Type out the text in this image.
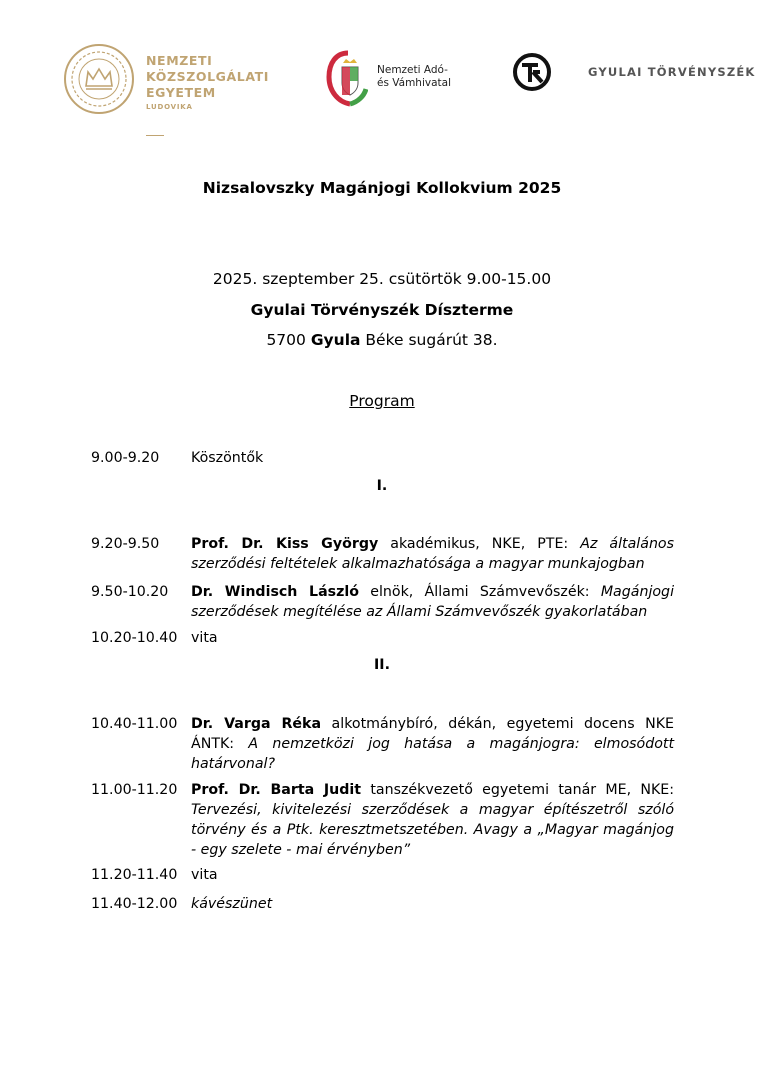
NEMZETI
KÖZSZOLGÁLATI
EGYETEM
LUDOVIKA
Nemzeti Adó-
és Vámhivatal
GYULAI TÖRVÉNYSZÉK
Nizsalovszky Magánjogi Kollokvium 2025
2025. szeptember 25. csütörtök 9.00-15.00
Gyulai Törvényszék Díszterme
5700 Gyula Béke sugárút 38.
Program
9.00-9.20	Köszöntők
I.
9.20-9.50	Prof. Dr. Kiss György akadémikus, NKE, PTE: Az általános szerződési feltételek alkalmazhatósága a magyar munkajogban
9.50-10.20	Dr. Windisch László elnök, Állami Számvevőszék: Magánjogi szerződések megítélése az Állami Számvevőszék gyakorlatában
10.20-10.40 vita
II.
10.40-11.00 Dr. Varga Réka alkotmánybíró, dékán, egyetemi docens NKE ÁNTK: A nemzetközi jog hatása a magánjogra: elmosódott határvonal?
11.00-11.20 Prof. Dr. Barta Judit tanszékvezető egyetemi tanár ME, NKE: Tervezési, kivitelezési szerződések a magyar építészetről szóló törvény és a Ptk. keresztmetszetében. Avagy a „Magyar magánjog - egy szelete - mai érvényben”
11.20-11.40 vita
11.40-12.00 kávészünet
